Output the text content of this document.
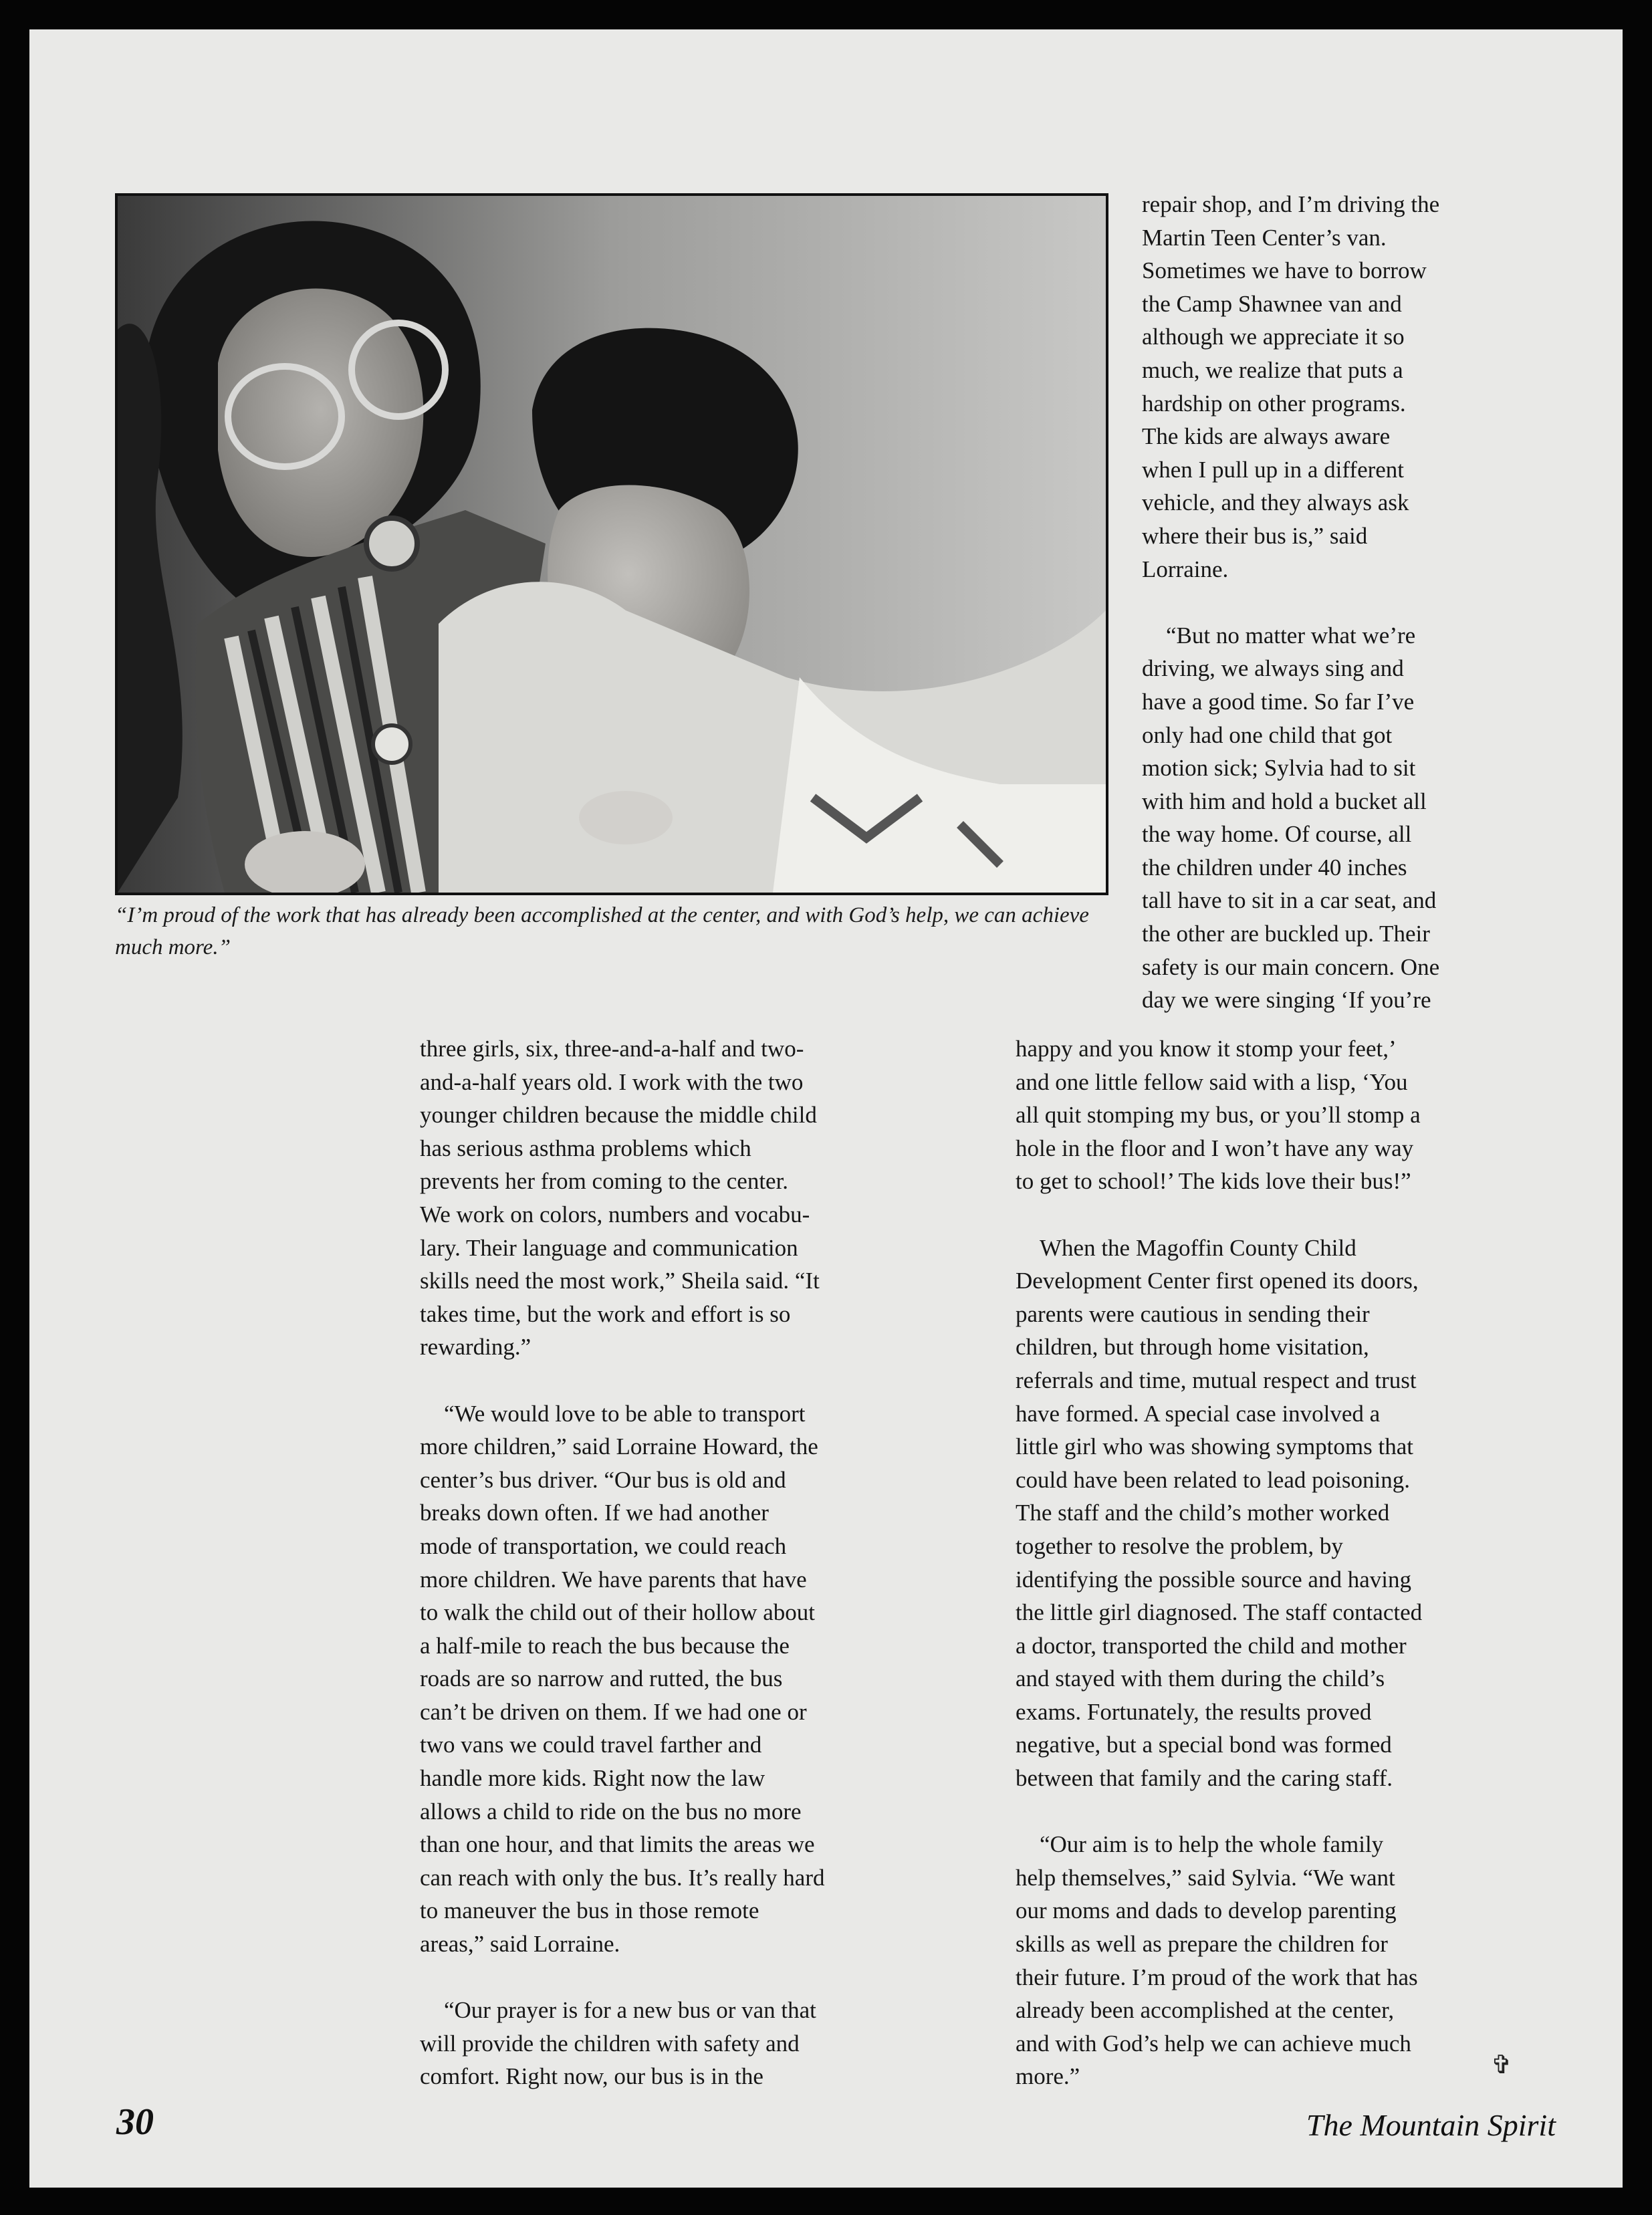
“I’m proud of the work that has already been accomplished at the center, and with God’s help, we can achieve much more.”

repair shop, and I’m driving the
Martin Teen Center’s van.
Sometimes we have to borrow
the Camp Shawnee van and
although we appreciate it so
much, we realize that puts a
hardship on other programs.
The kids are always aware
when I pull up in a different
vehicle, and they always ask
where their bus is,” said
Lorraine.

“But no matter what we’re
driving, we always sing and
have a good time. So far I’ve
only had one child that got
motion sick; Sylvia had to sit
with him and hold a bucket all
the way home. Of course, all
the children under 40 inches
tall have to sit in a car seat, and
the other are buckled up. Their
safety is our main concern. One
day we were singing ‘If you’re

three girls, six, three-and-a-half and two-
and-a-half years old. I work with the two
younger children because the middle child
has serious asthma problems which
prevents her from coming to the center.
We work on colors, numbers and vocabu-
lary. Their language and communication
skills need the most work,” Sheila said. “It
takes time, but the work and effort is so
rewarding.”

“We would love to be able to transport
more children,” said Lorraine Howard, the
center’s bus driver. “Our bus is old and
breaks down often. If we had another
mode of transportation, we could reach
more children. We have parents that have
to walk the child out of their hollow about
a half-mile to reach the bus because the
roads are so narrow and rutted, the bus
can’t be driven on them. If we had one or
two vans we could travel farther and
handle more kids. Right now the law
allows a child to ride on the bus no more
than one hour, and that limits the areas we
can reach with only the bus. It’s really hard
to maneuver the bus in those remote
areas,” said Lorraine.

“Our prayer is for a new bus or van that
will provide the children with safety and
comfort. Right now, our bus is in the

happy and you know it stomp your feet,’
and one little fellow said with a lisp, ‘You
all quit stomping my bus, or you’ll stomp a
hole in the floor and I won’t have any way
to get to school!’ The kids love their bus!”

When the Magoffin County Child
Development Center first opened its doors,
parents were cautious in sending their
children, but through home visitation,
referrals and time, mutual respect and trust
have formed. A special case involved a
little girl who was showing symptoms that
could have been related to lead poisoning.
The staff and the child’s mother worked
together to resolve the problem, by
identifying the possible source and having
the little girl diagnosed. The staff contacted
a doctor, transported the child and mother
and stayed with them during the child’s
exams. Fortunately, the results proved
negative, but a special bond was formed
between that family and the caring staff.

“Our aim is to help the whole family
help themselves,” said Sylvia. “We want
our moms and dads to develop parenting
skills as well as prepare the children for
their future. I’m proud of the work that has
already been accomplished at the center,
and with God’s help we can achieve much
more.”	✞
30	The Mountain Spirit
